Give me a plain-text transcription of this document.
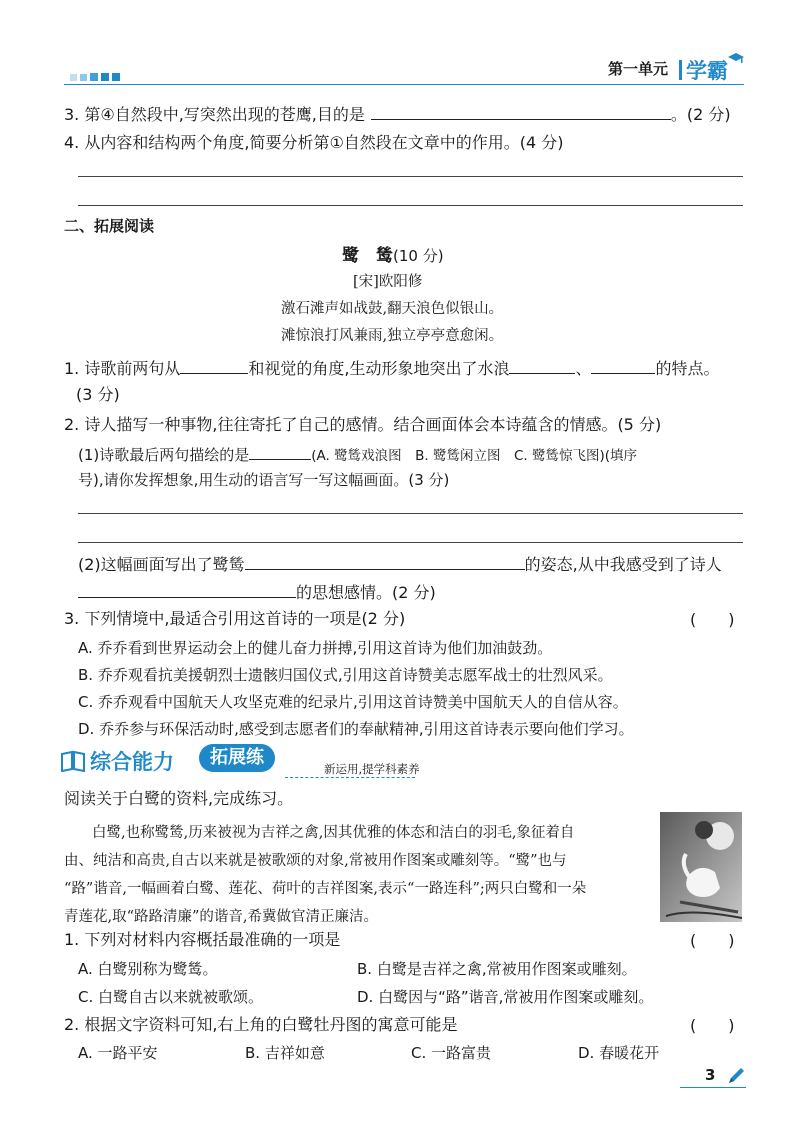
第一单元 学霸
3. 第④自然段中,写突然出现的苍鹰,目的是	。(2 分)
4. 从内容和结构两个角度,简要分析第①自然段在文章中的作用。(4 分)
二、拓展阅读
鹭　鸶(10 分)
[宋]欧阳修
激石滩声如战鼓,翻天浪色似银山。
滩惊浪打风兼雨,独立亭亭意愈闲。
1. 诗歌前两句从	和视觉的角度,生动形象地突出了水浪	、	的特点。
(3 分)
2. 诗人描写一种事物,往往寄托了自己的感情。结合画面体会本诗蕴含的情感。(5 分)
(1)诗歌最后两句描绘的是	(A. 鹭鸶戏浪图　B. 鹭鸶闲立图　C. 鹭鸶惊飞图)(填序
号),请你发挥想象,用生动的语言写一写这幅画面。(3 分)
(2)这幅画面写出了鹭鸶	的姿态,从中我感受到了诗人
的思想感情。(2 分)
3. 下列情境中,最适合引用这首诗的一项是(2 分)	(　　)
A. 乔乔看到世界运动会上的健儿奋力拼搏,引用这首诗为他们加油鼓劲。
B. 乔乔观看抗美援朝烈士遗骸归国仪式,引用这首诗赞美志愿军战士的壮烈风采。
C. 乔乔观看中国航天人攻坚克难的纪录片,引用这首诗赞美中国航天人的自信从容。
D. 乔乔参与环保活动时,感受到志愿者们的奉献精神,引用这首诗表示要向他们学习。
综合能力	拓展练
新运用,提学科素养
阅读关于白鹭的资料,完成练习。
白鹭,也称鹭鸶,历来被视为吉祥之禽,因其优雅的体态和洁白的羽毛,象征着自
由、纯洁和高贵,自古以来就是被歌颂的对象,常被用作图案或雕刻等。“鹭”也与
“路”谐音,一幅画着白鹭、莲花、荷叶的吉祥图案,表示“一路连科”;两只白鹭和一朵
青莲花,取“路路清廉”的谐音,希冀做官清正廉洁。
1. 下列对材料内容概括最准确的一项是	(　　)
A. 白鹭别称为鹭鸶。	B. 白鹭是吉祥之禽,常被用作图案或雕刻。
C. 白鹭自古以来就被歌颂。	D. 白鹭因与“路”谐音,常被用作图案或雕刻。
2. 根据文字资料可知,右上角的白鹭牡丹图的寓意可能是	(　　)
A. 一路平安	B. 吉祥如意	C. 一路富贵	D. 春暖花开
3
